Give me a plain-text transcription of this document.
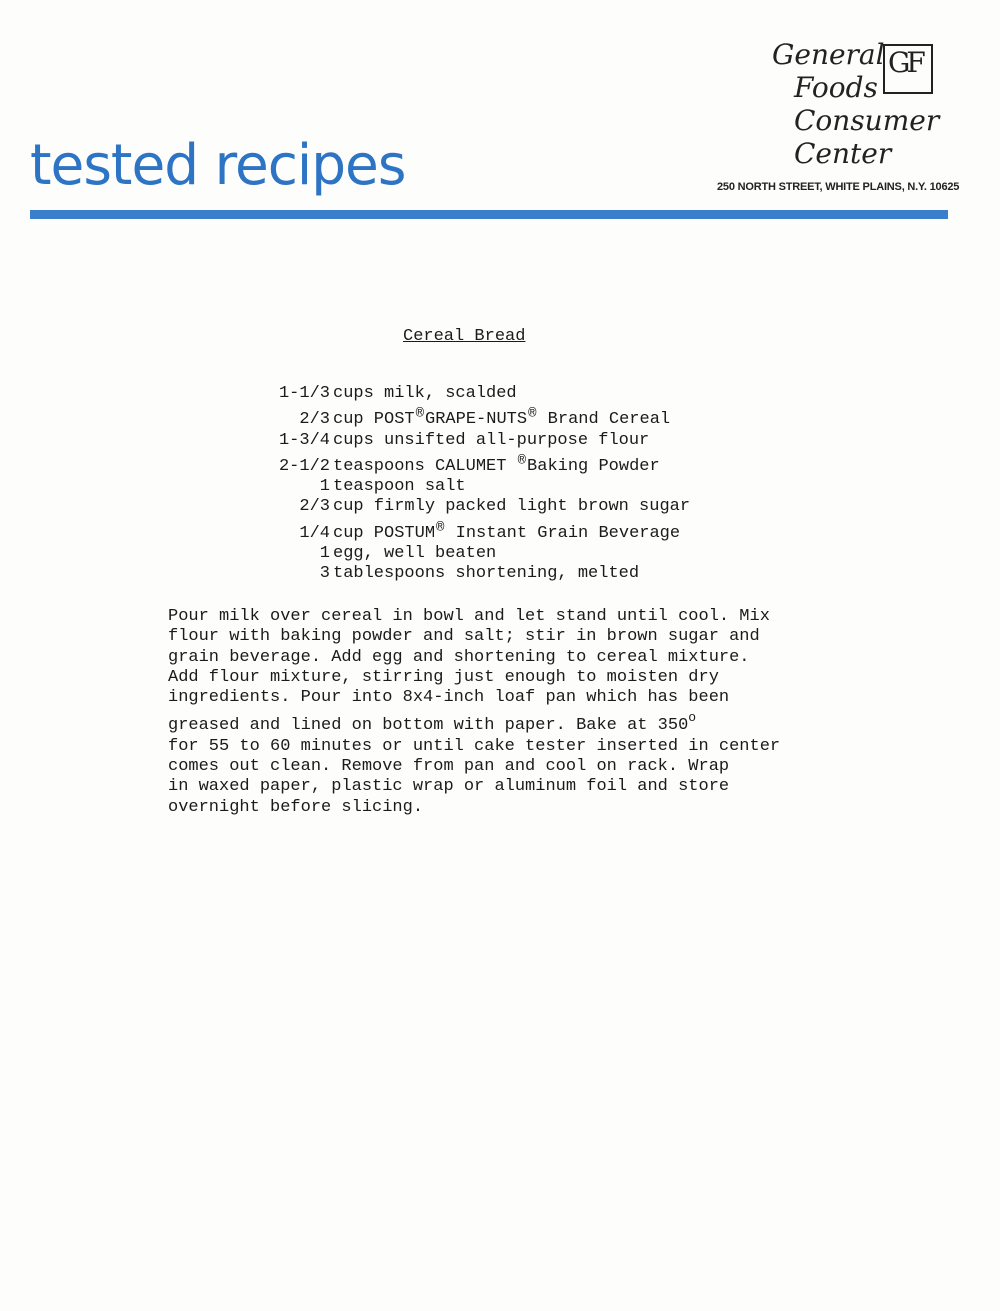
tested recipes
General
Foods
Consumer
Center
GF
250 NORTH STREET, WHITE PLAINS, N.Y. 10625
Cereal Bread
1-1/3 cups milk, scalded
2/3 cup POST®GRAPE-NUTS® Brand Cereal
1-3/4 cups unsifted all-purpose flour
2-1/2 teaspoons CALUMET ®Baking Powder
1 teaspoon salt
2/3 cup firmly packed light brown sugar
1/4 cup POSTUM® Instant Grain Beverage
1 egg, well beaten
3 tablespoons shortening, melted

Pour milk over cereal in bowl and let stand until cool. Mix
flour with baking powder and salt; stir in brown sugar and
grain beverage. Add egg and shortening to cereal mixture.
Add flour mixture, stirring just enough to moisten dry
ingredients. Pour into 8x4-inch loaf pan which has been
greased and lined on bottom with paper. Bake at 350$^o$
for 55 to 60 minutes or until cake tester inserted in center
comes out clean. Remove from pan and cool on rack. Wrap
in waxed paper, plastic wrap or aluminum foil and store
overnight before slicing.
